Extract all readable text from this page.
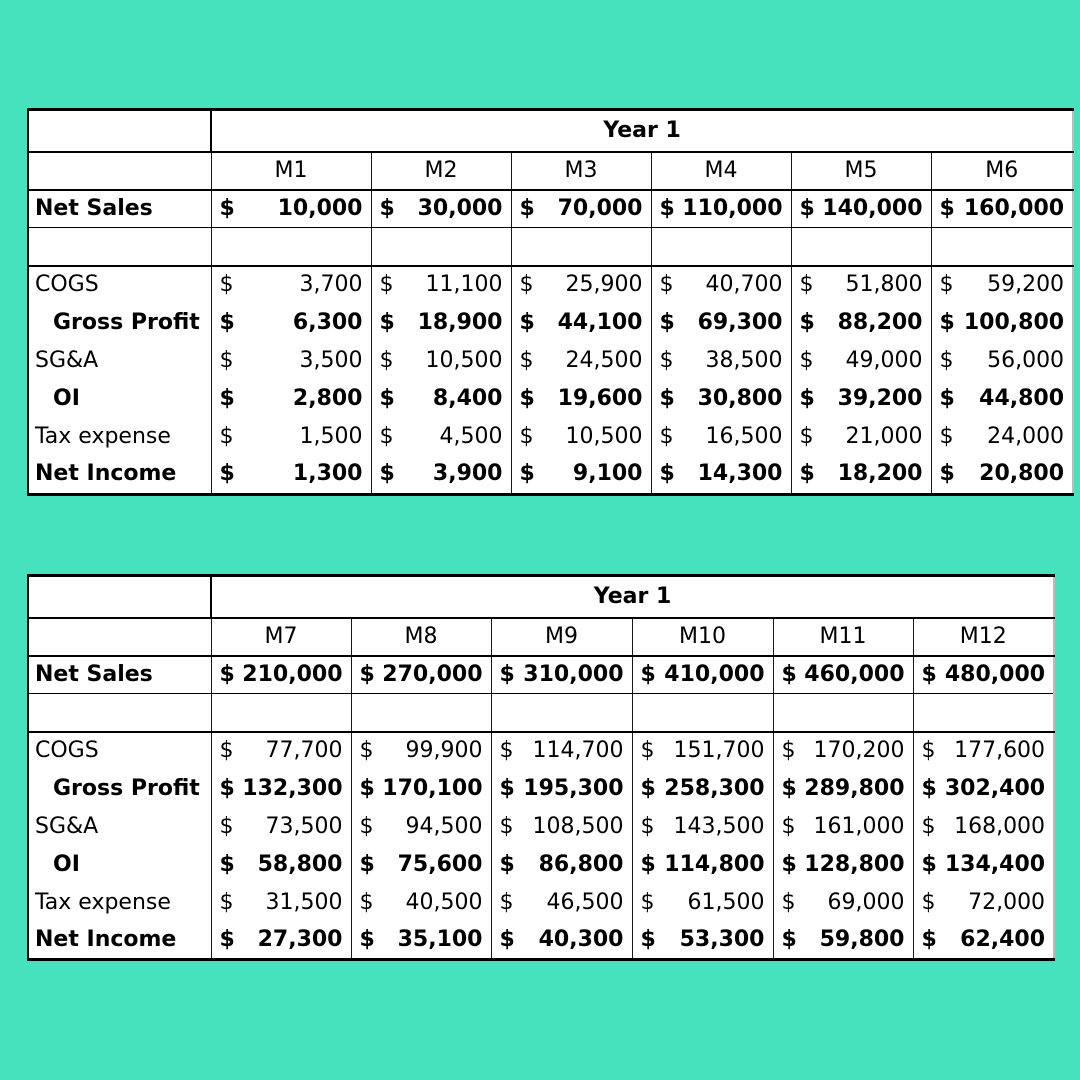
	Year 1					
	M1	M2	M3	M4	M5	M6
Net Sales	$ 10,000	$ 30,000	$ 70,000	$ 110,000	$ 140,000	$ 160,000

COGS	$ 3,700	$ 11,100	$ 25,900	$ 40,700	$ 51,800	$ 59,200

Gross Profit	$ 6,300	$ 18,900	$ 44,100	$ 69,300	$ 88,200	$ 100,800

SG&A	$ 3,500	$ 10,500	$ 24,500	$ 38,500	$ 49,000	$ 56,000

OI	$ 2,800	$ 8,400	$ 19,600	$ 30,800	$ 39,200	$ 44,800

Tax expense	$ 1,500	$ 4,500	$ 10,500	$ 16,500	$ 21,000	$ 24,000

Net Income	$ 1,300	$ 3,900	$ 9,100	$ 14,300	$ 18,200	$ 20,800
	Year 1					
	M7	M8	M9	M10	M11	M12
Net Sales	$ 210,000	$ 270,000	$ 310,000	$ 410,000	$ 460,000	$ 480,000

COGS	$ 77,700	$ 99,900	$ 114,700	$ 151,700	$ 170,200	$ 177,600

Gross Profit	$ 132,300	$ 170,100	$ 195,300	$ 258,300	$ 289,800	$ 302,400

SG&A	$ 73,500	$ 94,500	$ 108,500	$ 143,500	$ 161,000	$ 168,000

OI	$ 58,800	$ 75,600	$ 86,800	$ 114,800	$ 128,800	$ 134,400

Tax expense	$ 31,500	$ 40,500	$ 46,500	$ 61,500	$ 69,000	$ 72,000

Net Income	$ 27,300	$ 35,100	$ 40,300	$ 53,300	$ 59,800	$ 62,400
